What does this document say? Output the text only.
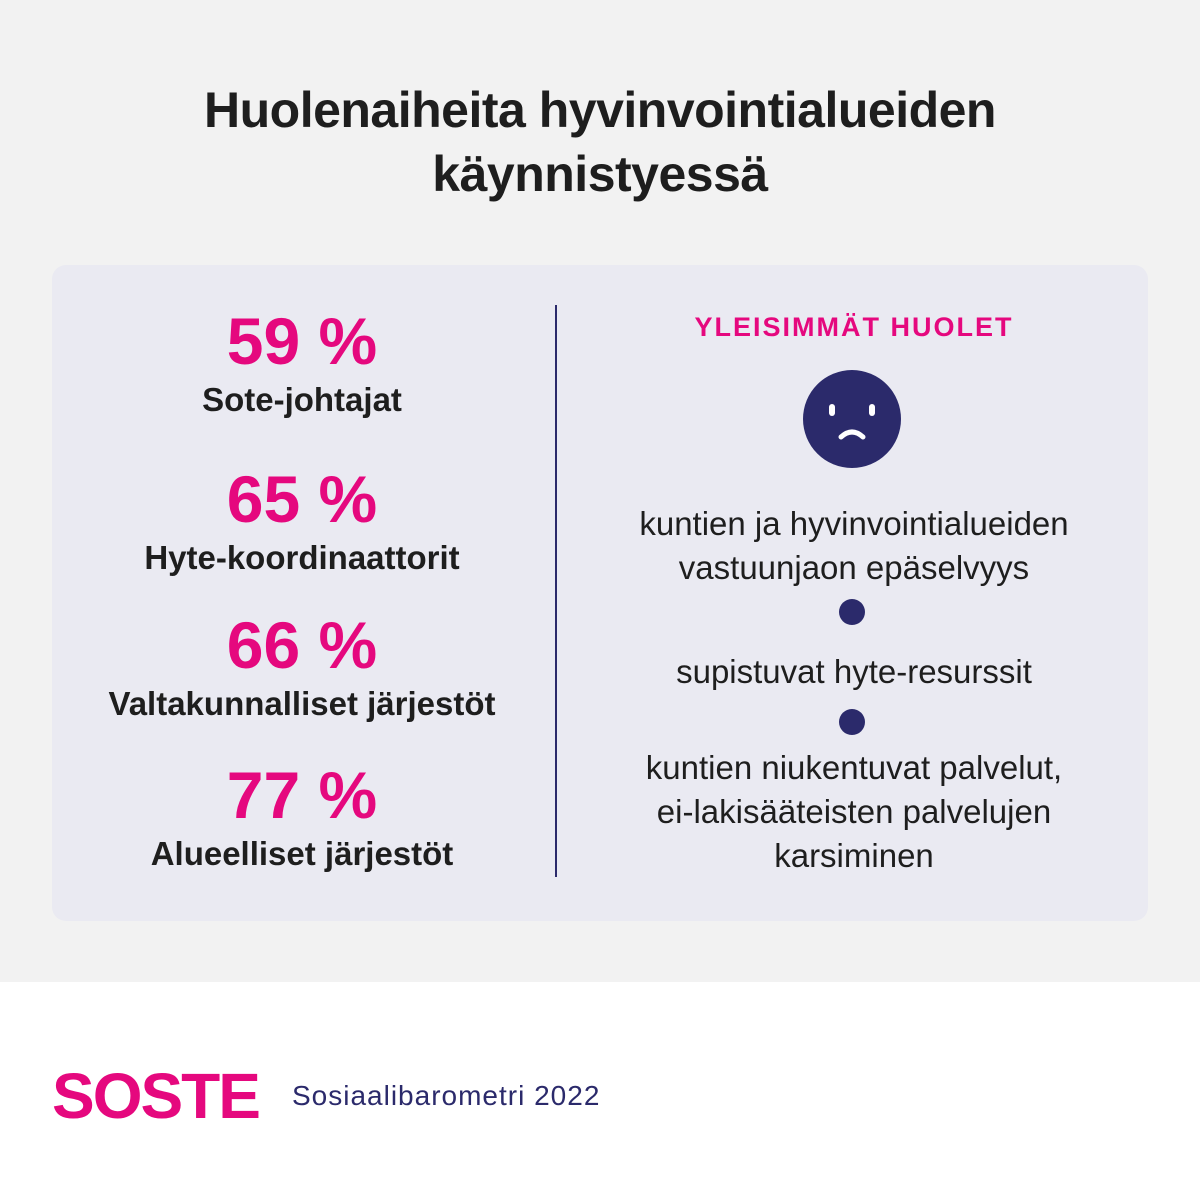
Huolenaiheita hyvinvointialueiden
käynnistyessä
59 %
Sote-johtajat
65 %
Hyte-koordinaattorit
66 %
Valtakunnalliset järjestöt
77 %
Alueelliset järjestöt
YLEISIMMÄT HUOLET
kuntien ja hyvinvointialueiden
vastuunjaon epäselvyys
supistuvat hyte-resurssit
kuntien niukentuvat palvelut,
ei-lakisääteisten palvelujen
karsiminen
SOSTE Sosiaalibarometri 2022
